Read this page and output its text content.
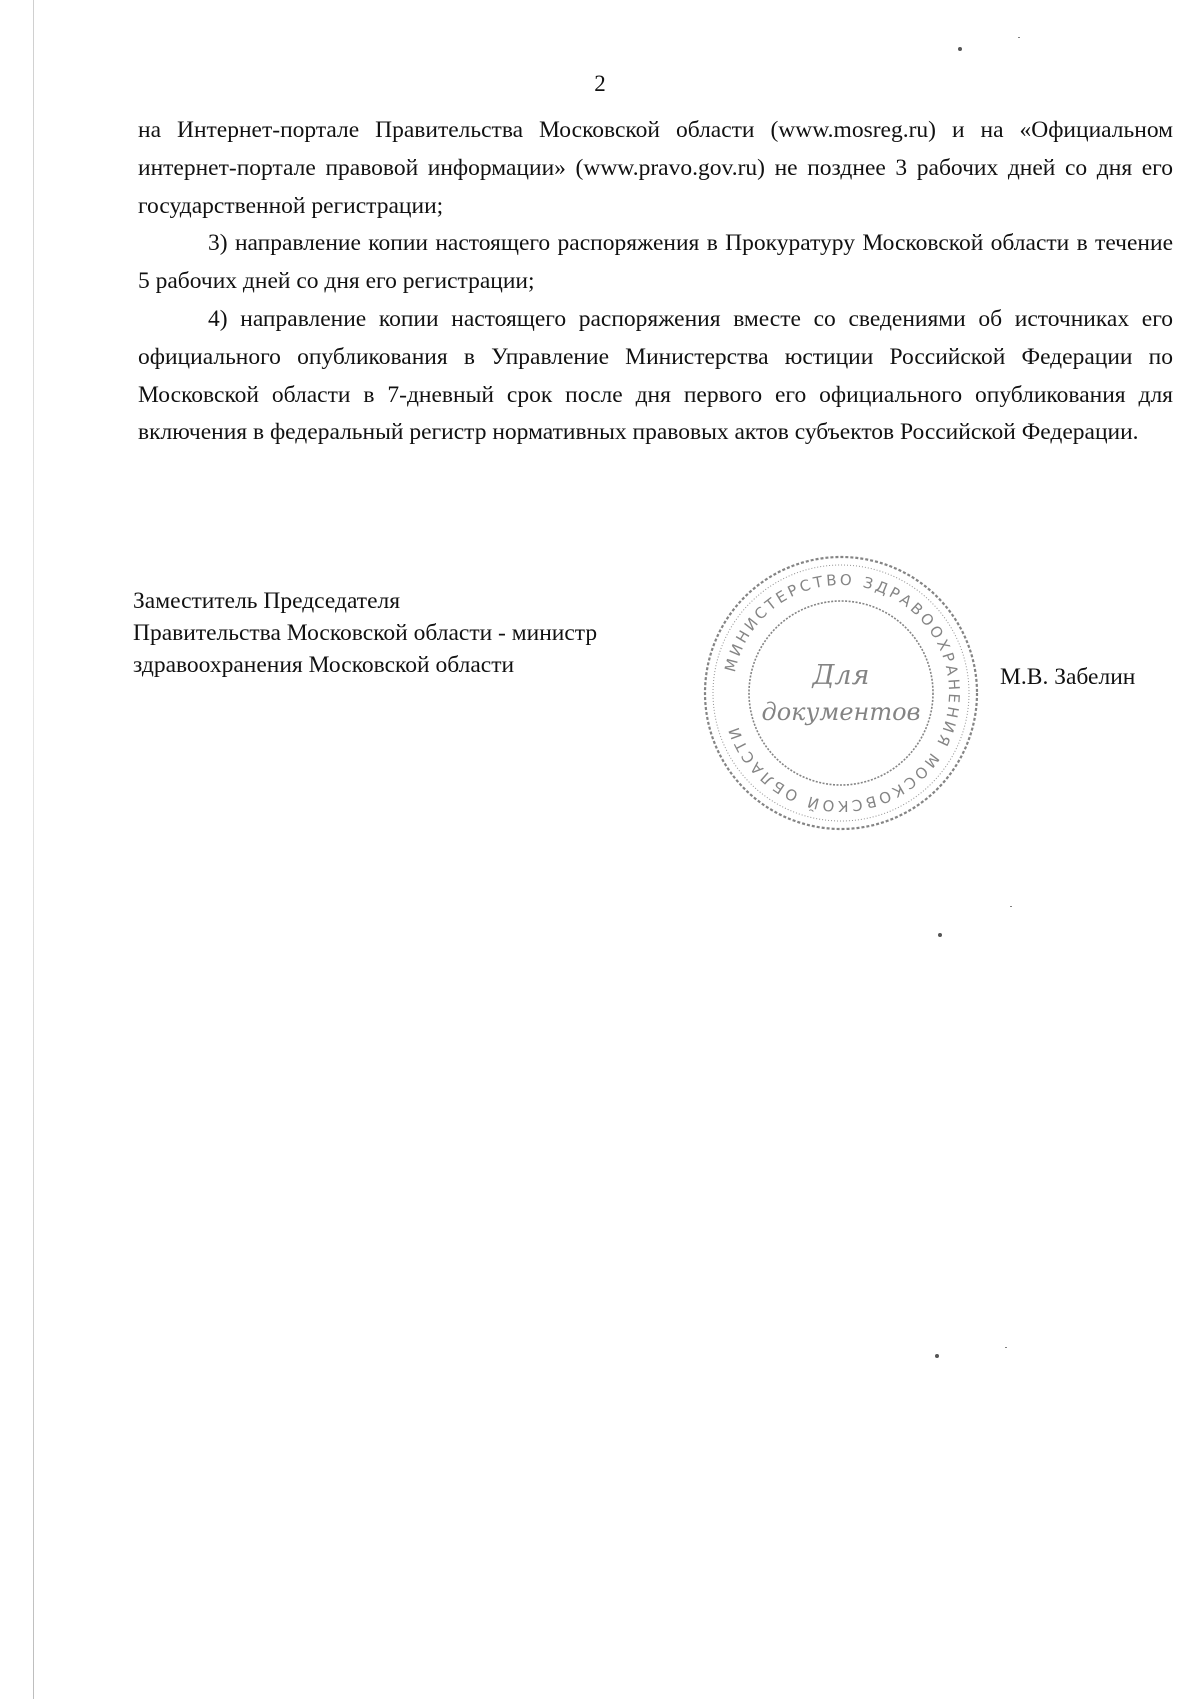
2

на Интернет-портале Правительства Московской области (www.mosreg.ru) и на «Официальном интернет-портале правовой информации» (www.pravo.gov.ru) не позднее 3 рабочих дней со дня его государственной регистрации;

3) направление копии настоящего распоряжения в Прокуратуру Московской области в течение 5 рабочих дней со дня его регистрации;

4) направление копии настоящего распоряжения вместе со сведениями об источниках его официального опубликования в Управление Министерства юстиции Российской Федерации по Московской области в 7-дневный срок после дня первого его официального опубликования для включения в федеральный регистр нормативных правовых актов субъектов Российской Федерации.

Заместитель Председателя
Правительства Московской области - министр
здравоохранения Московской области	М.В. Забелин
МИНИСТЕРСТВО ЗДРАВООХРАНЕНИЯ МОСКОВСКОЙ ОБЛАСТИ
Для
документов
